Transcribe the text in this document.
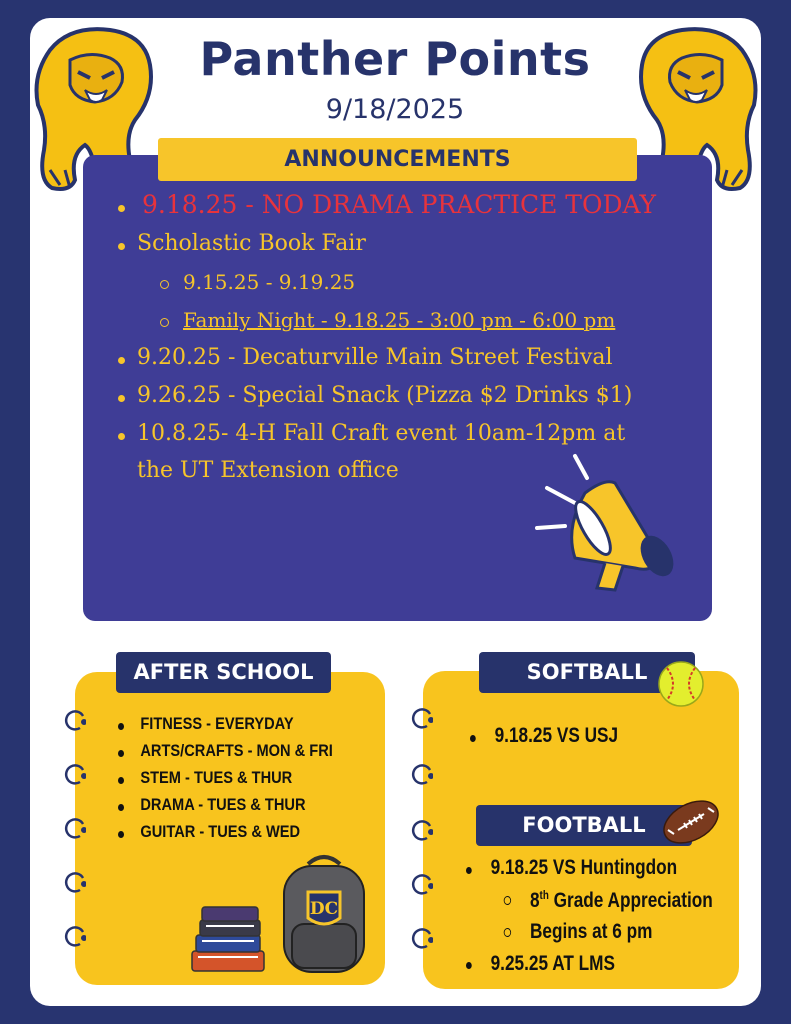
Panther Points
9/18/2025
ANNOUNCEMENTS
9.18.25 - NO DRAMA PRACTICE TODAY
Scholastic Book Fair
9.15.25 - 9.19.25
Family Night - 9.18.25 - 3:00 pm - 6:00 pm
9.20.25 - Decaturville Main Street Festival
9.26.25 - Special Snack (Pizza $2 Drinks $1)
10.8.25- 4-H Fall Craft event 10am-12pm at
the UT Extension office
AFTER SCHOOL
FITNESS - EVERYDAY
ARTS/CRAFTS - MON & FRI
STEM - TUES & THUR
DRAMA - TUES & THUR
GUITAR - TUES & WED
DC
SOFTBALL
9.18.25 VS USJ
FOOTBALL
9.18.25 VS Huntingdon
8th Grade Appreciation
Begins at 6 pm
9.25.25 AT LMS
